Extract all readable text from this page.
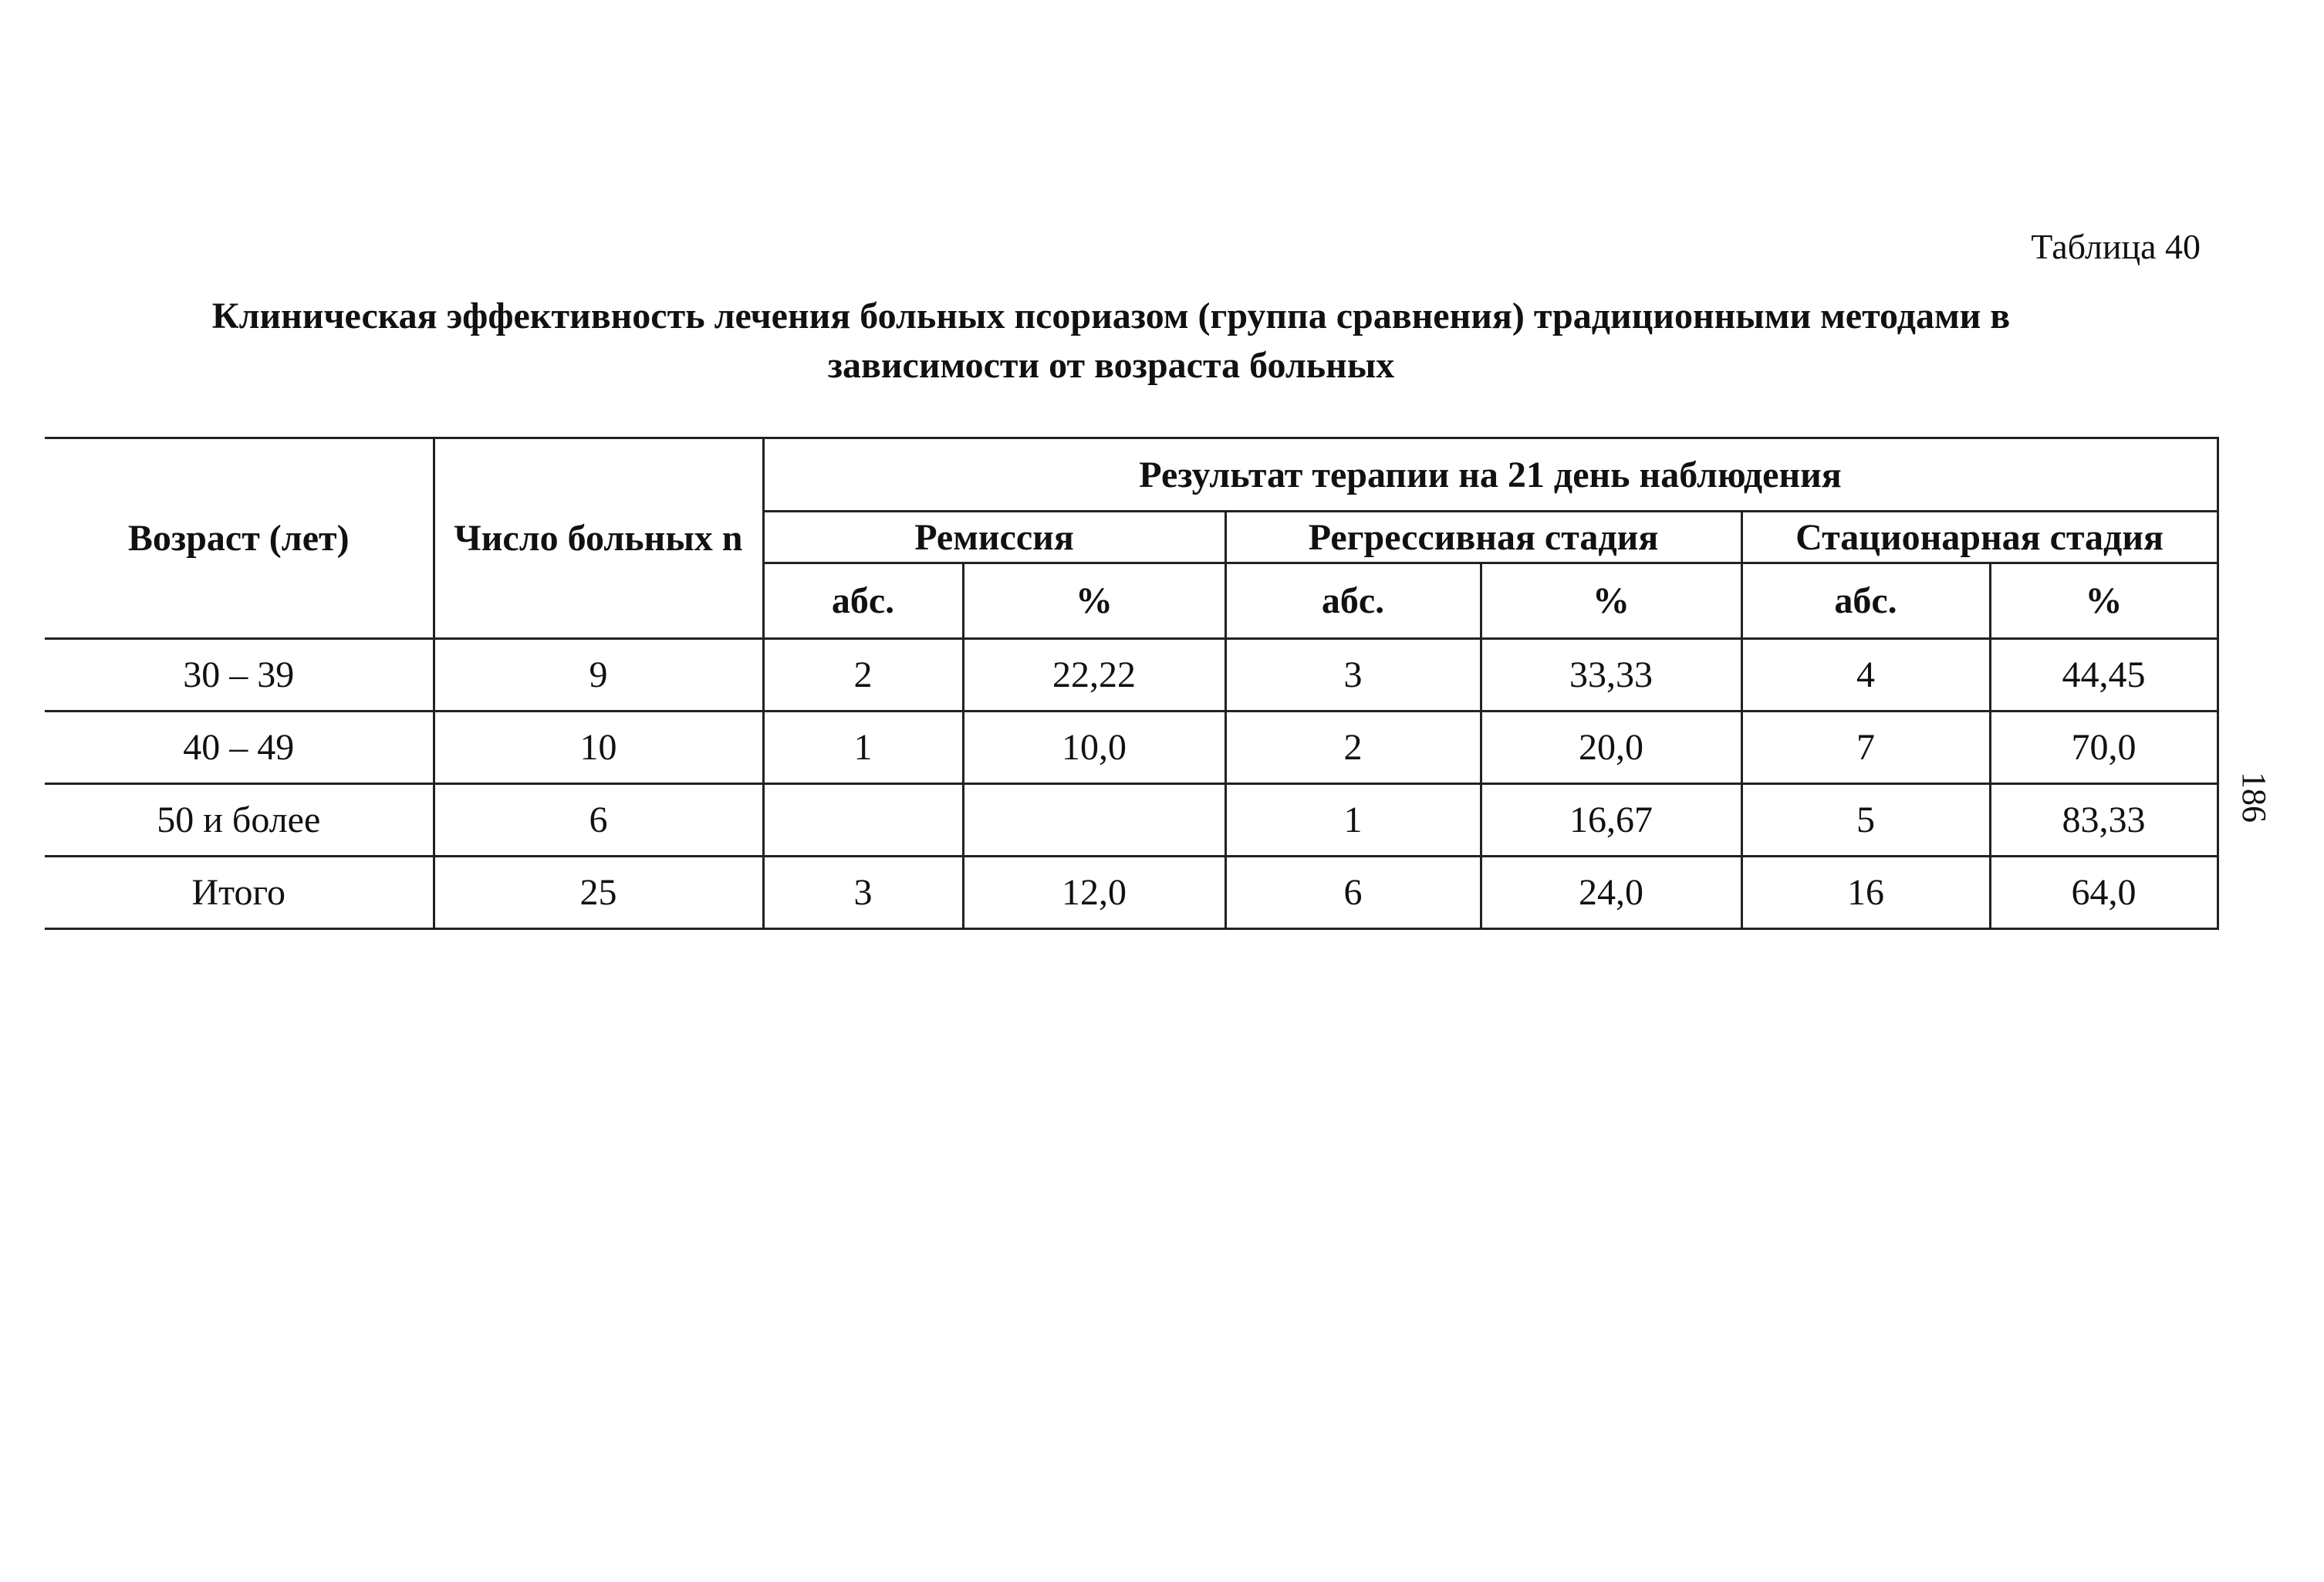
Таблица 40
Клиническая эффективность лечения больных псориазом (группа сравнения) традиционными методами в зависимости от возраста больных
Возраст (лет)	Число больных n	Результат терапии на 21 день наблюдения					
		Ремиссия		Регрессивная стадия		Стационарная стадия	
		абс.	%	абс.	%	абс.	%
30 – 39	9	2	22,22	3	33,33	4	44,45
40 – 49	10	1	10,0	2	20,0	7	70,0
50 и более	6			1	16,67	5	83,33
Итого	25	3	12,0	6	24,0	16	64,0
186
